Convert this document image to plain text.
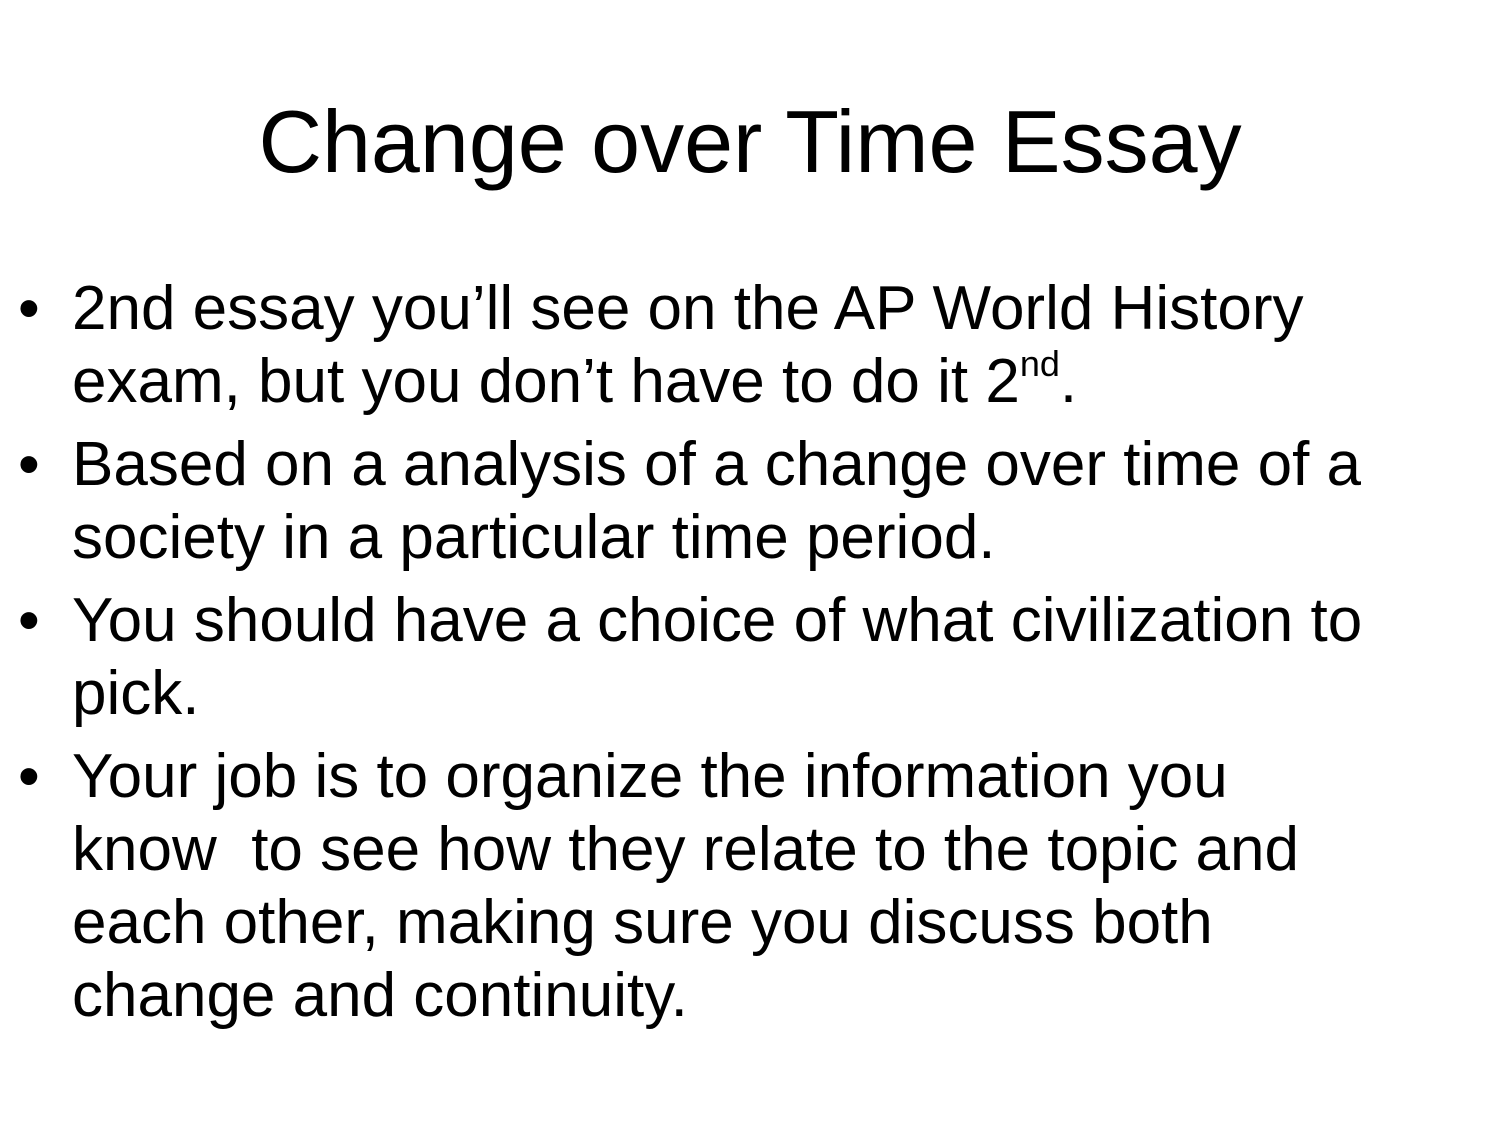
Change over Time Essay
• 2nd essay you’ll see on the AP World History
exam, but you don’t have to do it 2nd.
• Based on a analysis of a change over time of a
society in a particular time period.
• You should have a choice of what civilization to
pick.
• Your job is to organize the information you
know  to see how they relate to the topic and
each other, making sure you discuss both
change and continuity.
